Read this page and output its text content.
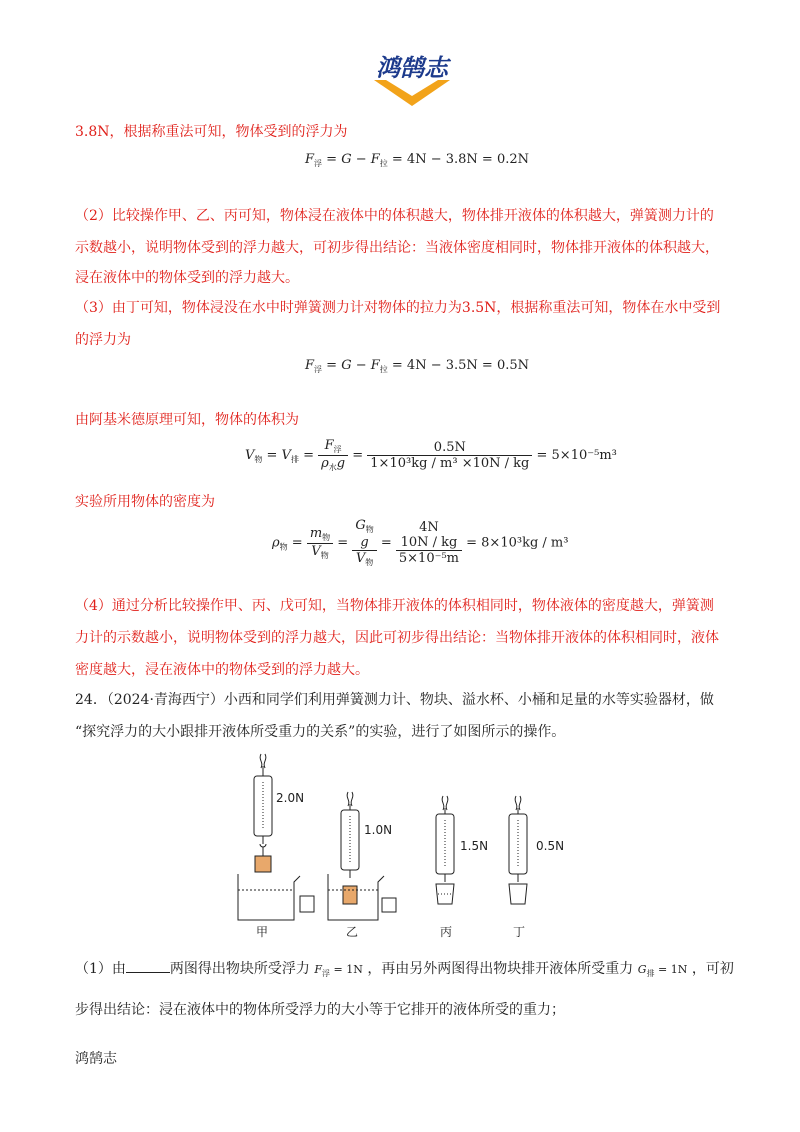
鸿鹄志
3.8N，根据称重法可知，物体受到的浮力为
$F_浮 = G - F_拉 = 4N - 3.8N = 0.2N$
（2）比较操作甲、乙、丙可知，物体浸在液体中的体积越大，物体排开液体的体积越大，弹簧测力计的
示数越小，说明物体受到的浮力越大，可初步得出结论：当液体密度相同时，物体排开液体的体积越大，
浸在液体中的物体受到的浮力越大。
（3）由丁可知，物体浸没在水中时弹簧测力计对物体的拉力为3.5N，根据称重法可知，物体在水中受到
的浮力为
$F_浮 = G - F_拉 = 4N - 3.5N = 0.5N$
由阿基米德原理可知，物体的体积为
$V_物 = V_排 = \frac{F_浮}{\rho_水g} = \frac{0.5N}{\text{1×10³kg / m³ ×10N / kg}} = 5\times 10^{-5}m^3$
实验所用物体的密度为
$\rho_物 = \frac{m_物}{V_物}$ =
$G_物$
g
$V_物$
=
4N
10N / kg
5×10⁻⁵m
= 8×10³kg / m³
（4）通过分析比较操作甲、丙、戊可知，当物体排开液体的体积相同时，物体液体的密度越大，弹簧测
力计的示数越小，说明物体受到的浮力越大，因此可初步得出结论：当物体排开液体的体积相同时，液体
密度越大，浸在液体中的物体受到的浮力越大。
24．（2024·青海西宁）小西和同学们利用弹簧测力计、物块、溢水杯、小桶和足量的水等实验器材，做
“探究浮力的大小跟排开液体所受重力的关系”的实验，进行了如图所示的操作。
甲
2.0N
乙
1.0N
丙
1.5N
丁
0.5N
（1）由	两图得出物块所受浮力 $F_浮 = 1N$ ，再由另外两图得出物块排开液体所受重力 $G_排 = 1N$ ，可初
步得出结论：浸在液体中的物体所受浮力的大小等于它排开的液体所受的重力；
鸿鹄志
